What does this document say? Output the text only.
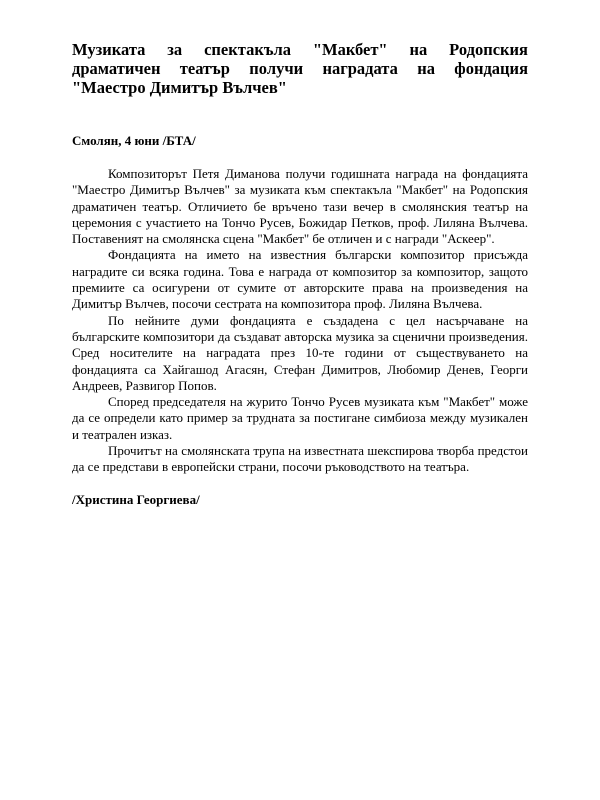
Музиката за спектакъла "Макбет" на Родопския драматичен театър получи наградата на фондация "Маестро Димитър Вълчев"

Смолян, 4 юни /БТА/

Композиторът Петя Диманова получи годишната награда на фондацията "Маестро Димитър Вълчев" за музиката към спектакъла "Макбет" на Родопския драматичен театър. Отличието бе връчено тази вечер в смолянския театър на церемония с участието на Тончо Русев, Божидар Петков, проф. Лиляна Вълчева. Поставеният на смолянска сцена "Макбет" бе отличен и с награди "Аскеер".

Фондацията на името на известния български композитор присъжда наградите си всяка година. Това е награда от композитор за композитор, защото премиите са осигурени от сумите от авторските права на произведения на Димитър Вълчев, посочи сестрата на композитора проф. Лиляна Вълчева.

По нейните думи фондацията е създадена с цел насърчаване на българските композитори да създават авторска музика за сценични произведения. Сред носителите на наградата през 10-те години от съществуването на фондацията са Хайгашод Агасян, Стефан Димитров, Любомир Денев, Георги Андреев, Развигор Попов.

Според председателя на журито Тончо Русев музиката към "Макбет" може да се определи като пример за трудната за постигане симбиоза между музикален и театрален изказ.

Прочитът на смолянската трупа на известната шекспирова творба предстои да се представи в европейски страни, посочи ръководството на театъра.

/Христина Георгиева/
